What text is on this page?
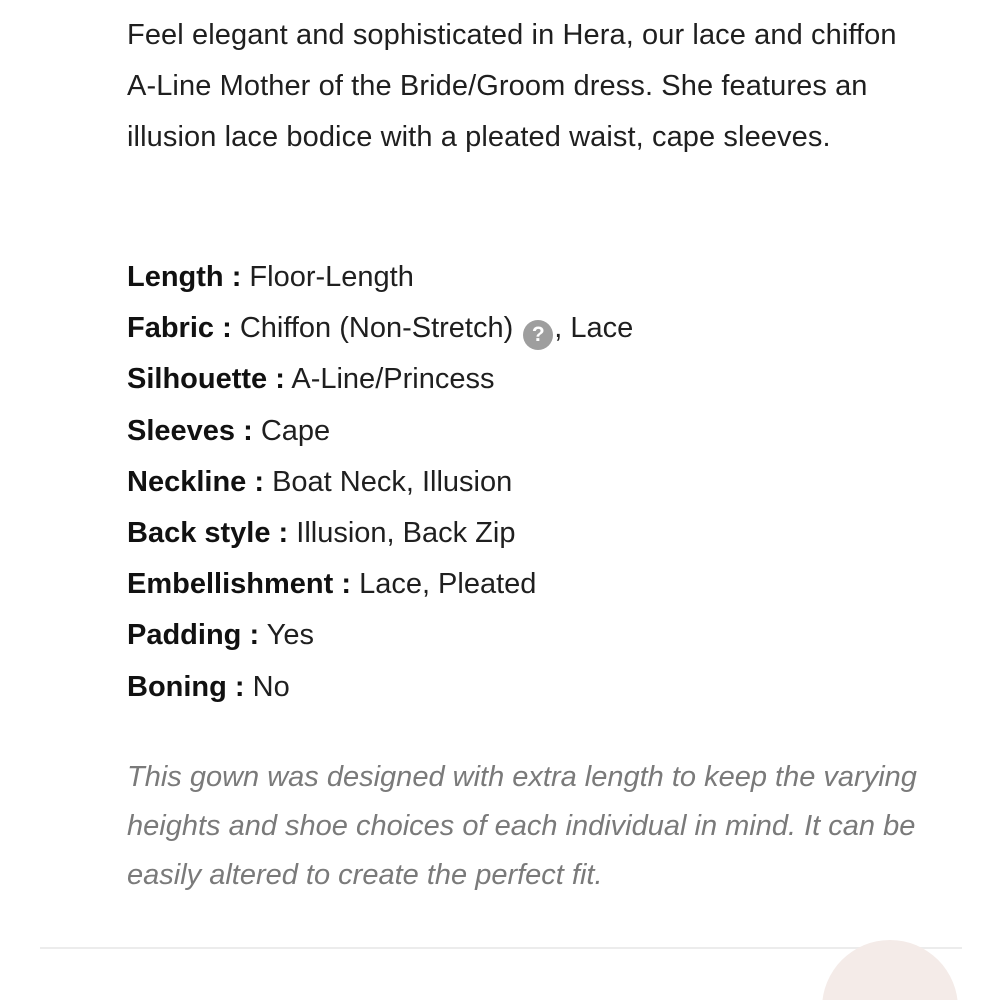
Feel elegant and sophisticated in Hera, our lace and chiffon A-Line Mother of the Bride/Groom dress. She features an illusion lace bodice with a pleated waist, cape sleeves.

Length : Floor-Length
Fabric : Chiffon (Non-Stretch) ? , Lace
Silhouette : A-Line/Princess
Sleeves : Cape
Neckline : Boat Neck, Illusion
Back style : Illusion, Back Zip
Embellishment : Lace, Pleated
Padding : Yes
Boning : No

This gown was designed with extra length to keep the varying heights and shoe choices of each individual in mind. It can be easily altered to create the perfect fit.
